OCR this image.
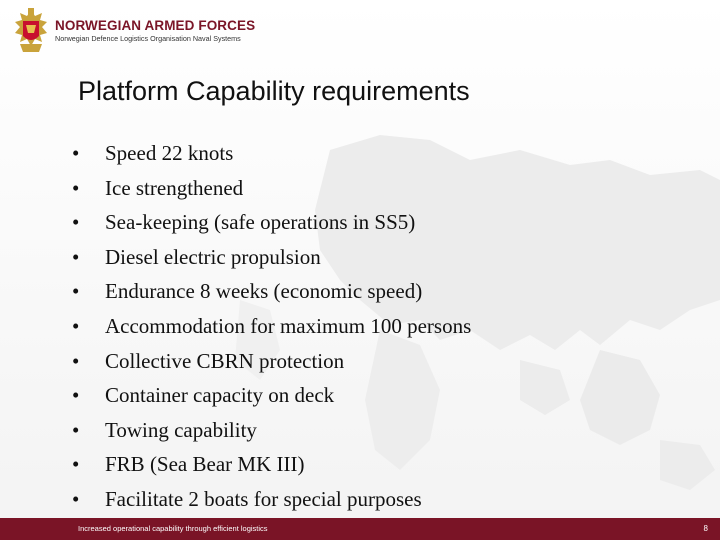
NORWEGIAN ARMED FORCES
Norwegian Defence Logistics Organisation Naval Systems
Platform Capability requirements
• Speed 22 knots
• Ice strengthened
• Sea-keeping (safe operations in SS5)
• Diesel electric propulsion
• Endurance 8 weeks (economic speed)
• Accommodation for maximum 100 persons
• Collective CBRN protection
• Container capacity on deck
• Towing capability
• FRB (Sea Bear MK III)
• Facilitate 2 boats for special purposes
Increased operational capability through efficient logistics	8
